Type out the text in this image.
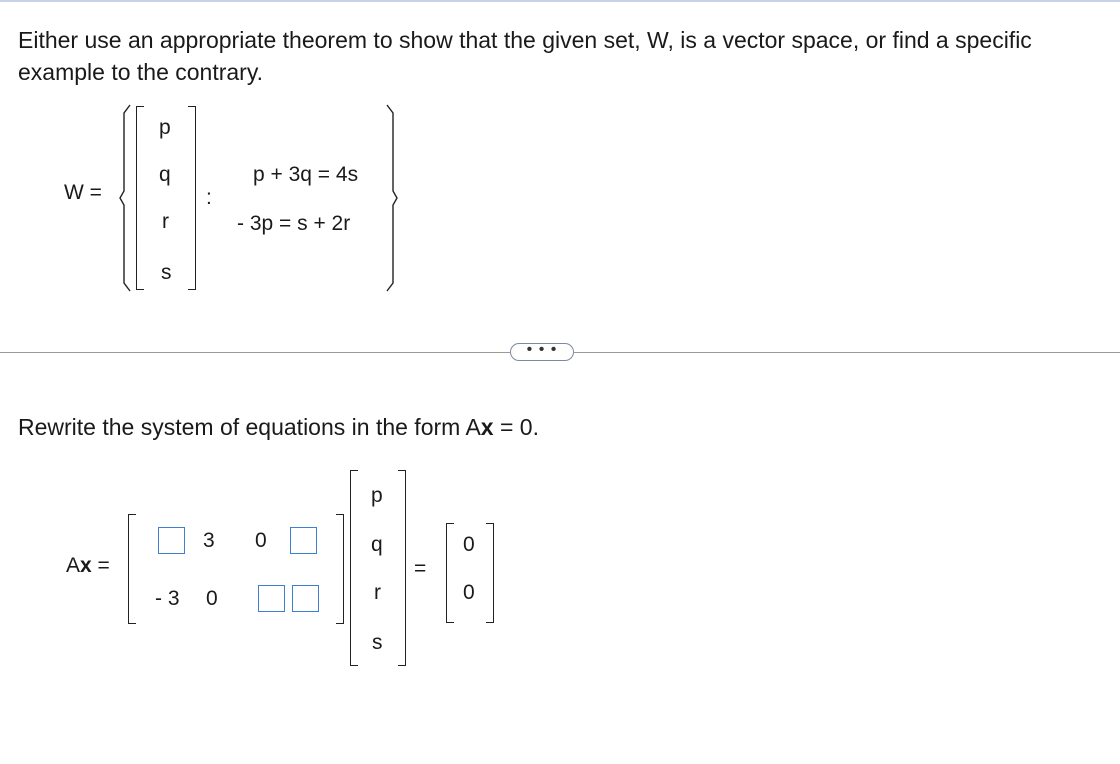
Either use an appropriate theorem to show that the given set, W, is a vector space, or find a specific example to the contrary.
W =
p
q
r
s
:
p + 3q = 4s
- 3p = s + 2r
• • •
Rewrite the system of equations in the form Ax = 0.
Ax =
3 0
- 3 0
p
q
r
s
=
0
0
